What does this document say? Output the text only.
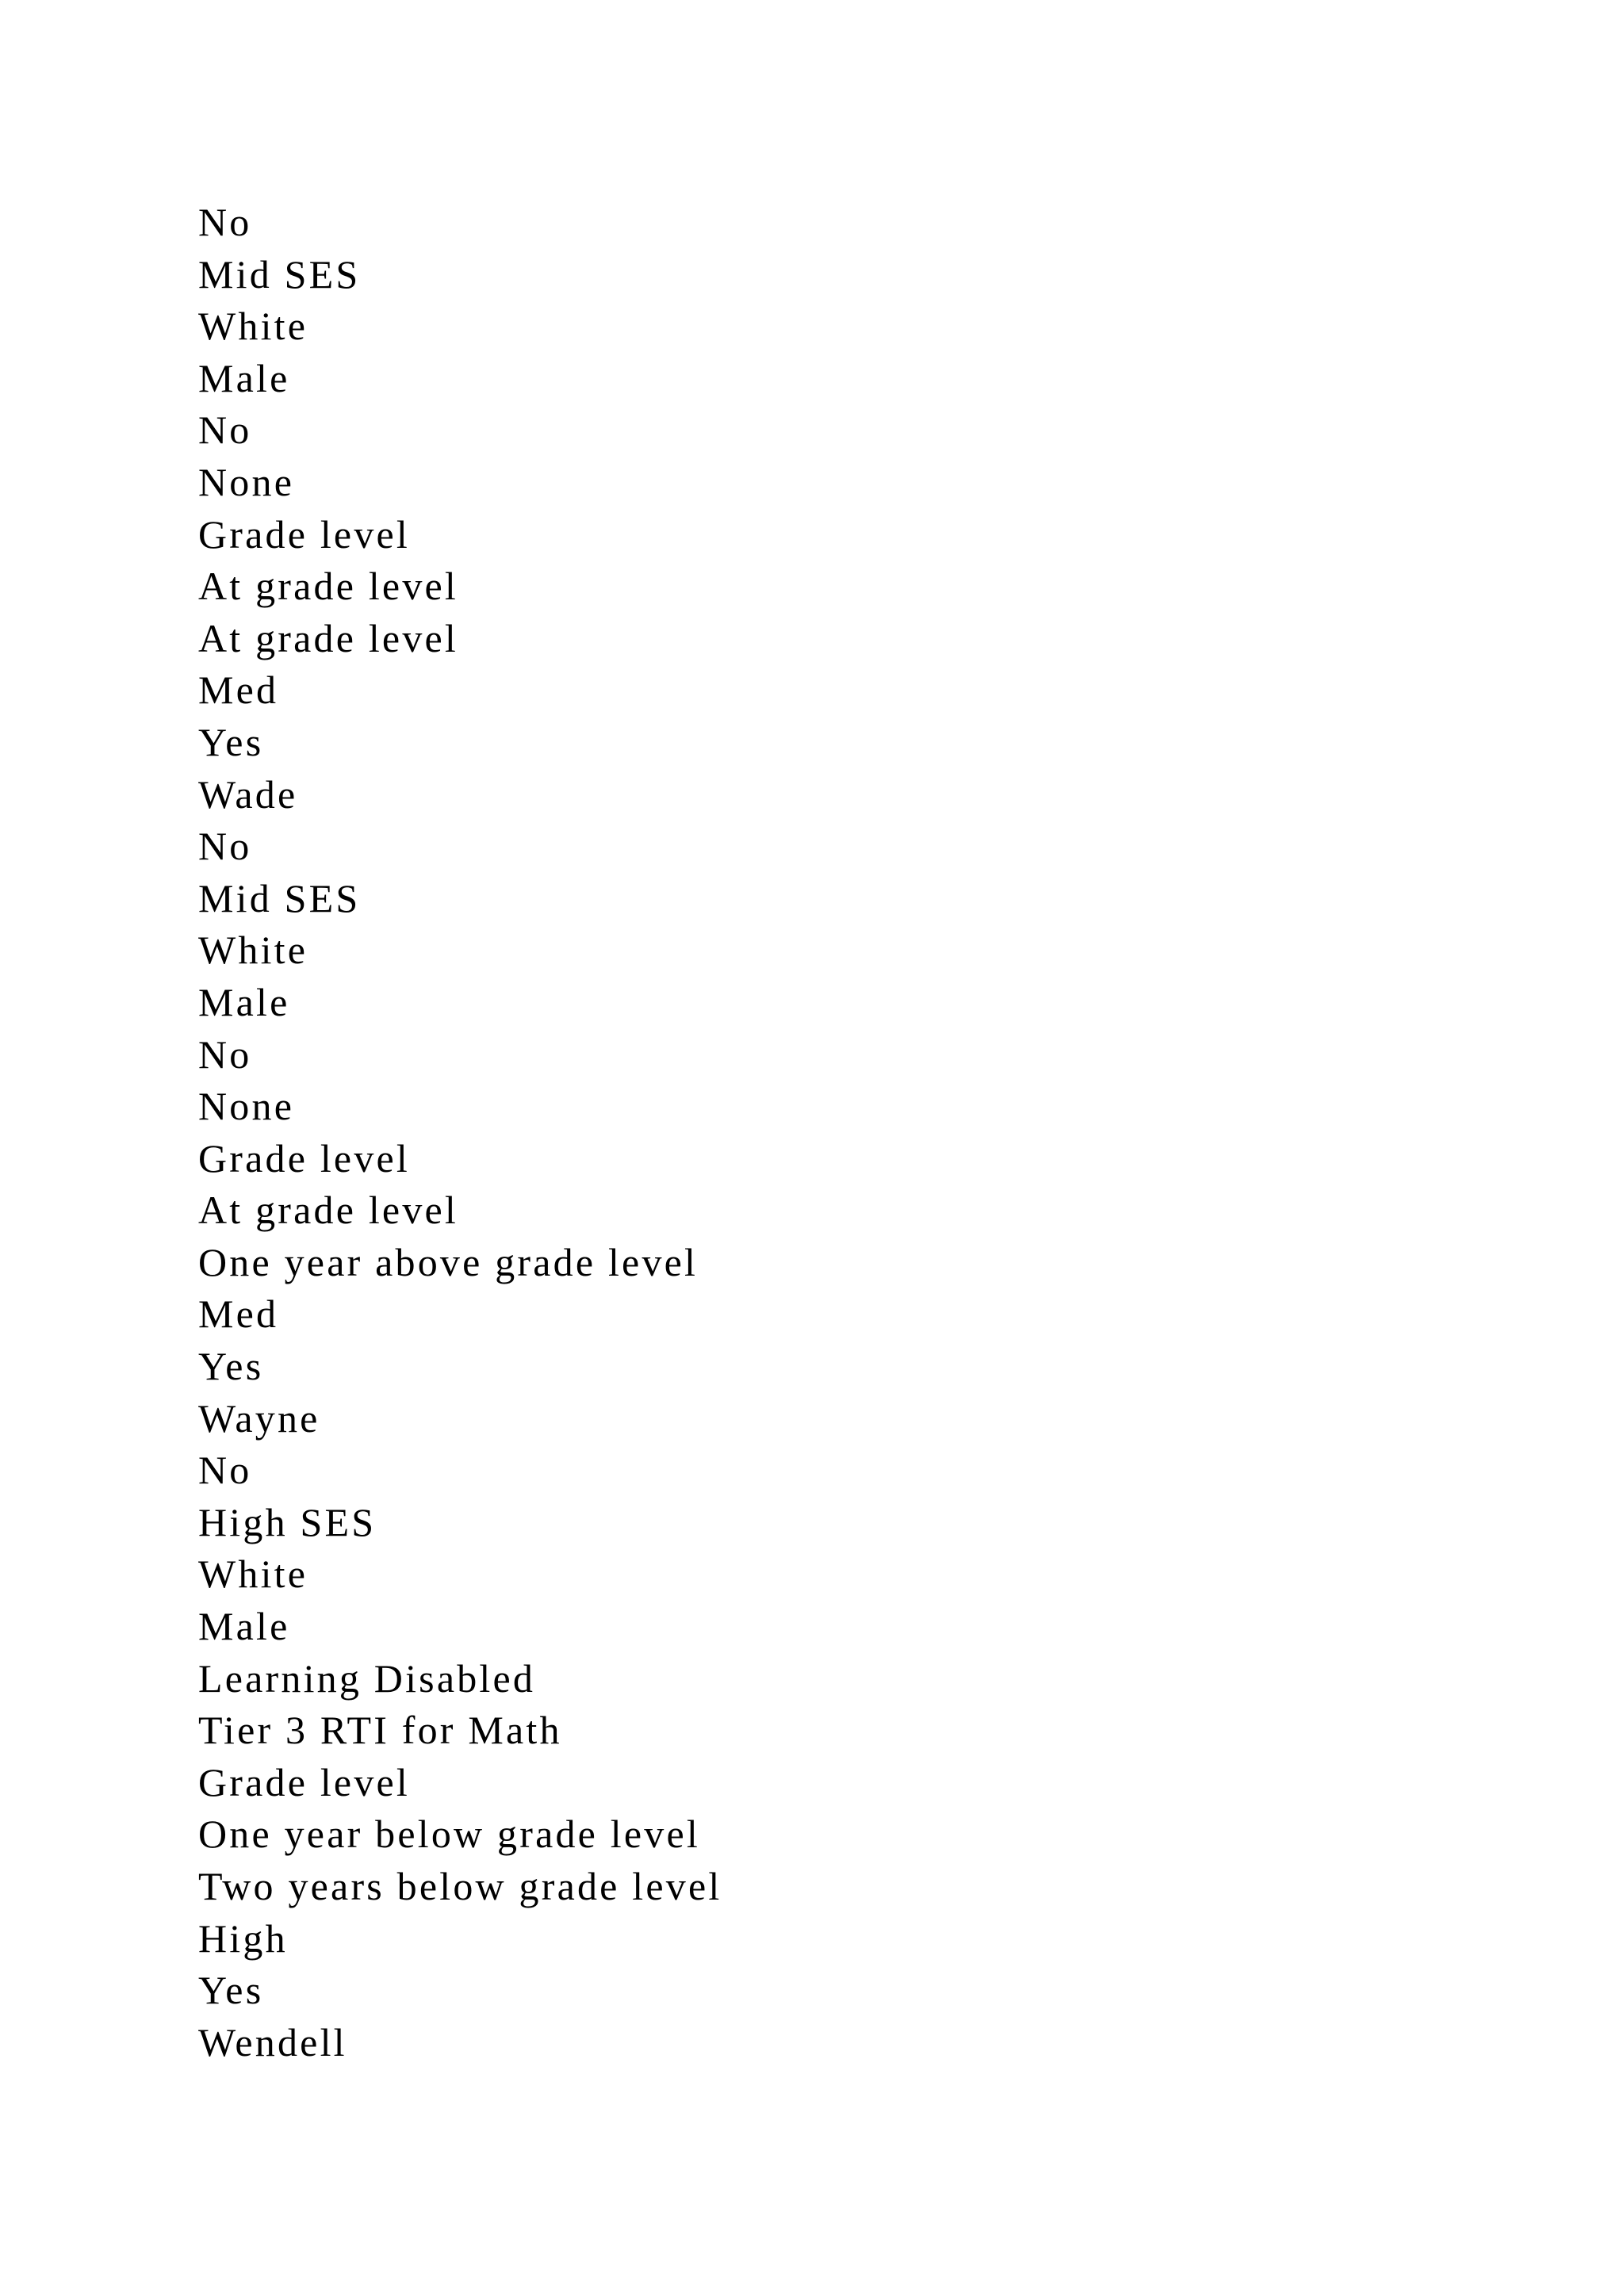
No
Mid SES
White
Male
No
None
Grade level
At grade level
At grade level
Med
Yes
Wade
No
Mid SES
White
Male
No
None
Grade level
At grade level
One year above grade level
Med
Yes
Wayne
No
High SES
White
Male
Learning Disabled
Tier 3 RTI for Math
Grade level
One year below grade level
Two years below grade level
High
Yes
Wendell
